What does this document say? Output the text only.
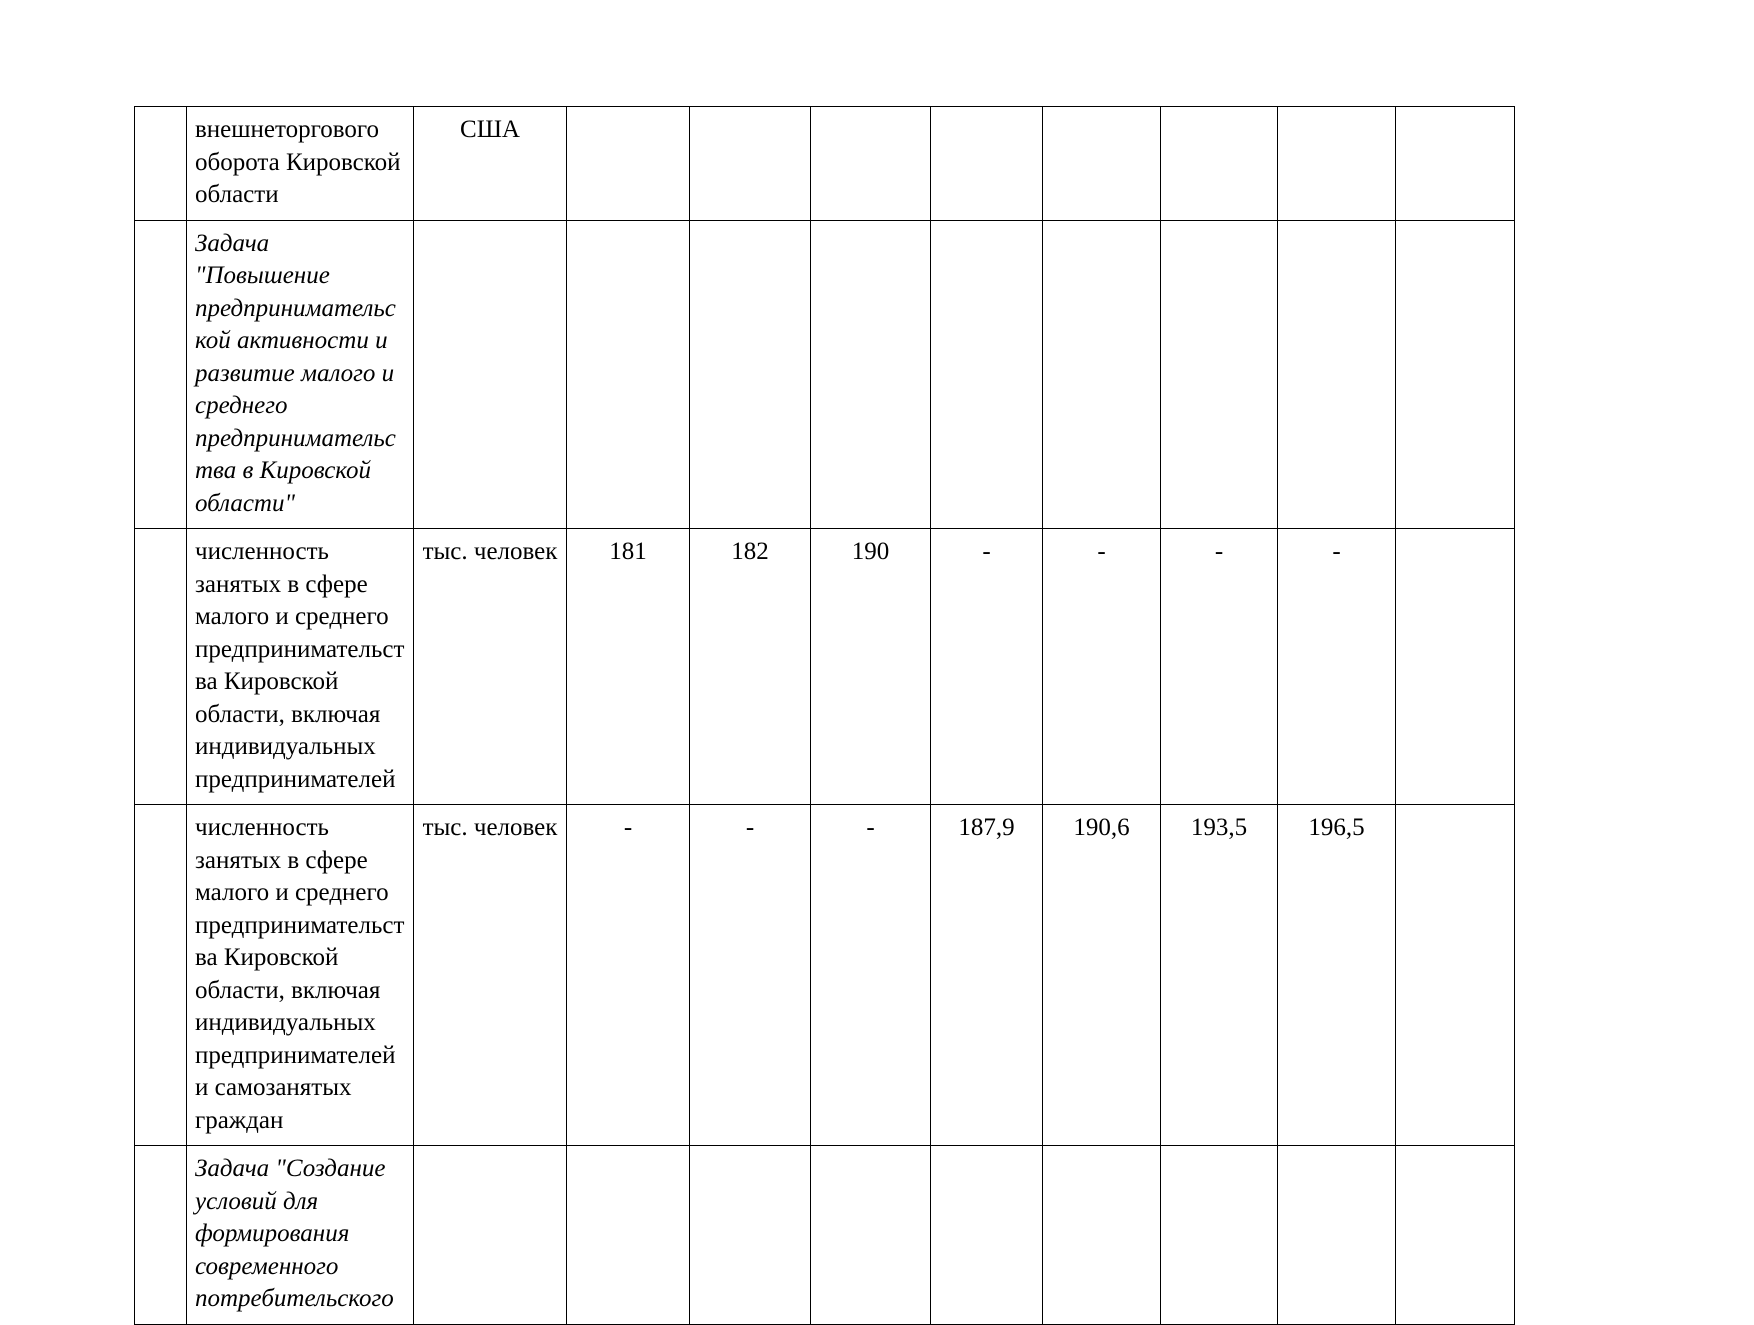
	внешнеторгового оборота Кировской области	США								
	Задача "Повышение предпринимательской активности и развитие малого и среднего предпринимательства в Кировской области"									
	численность занятых в сфере малого и среднего предпринимательства Кировской области, включая индивидуальных предпринимателей	тыс. человек	181	182	190	-	-	-	-	
	численность занятых в сфере малого и среднего предпринимательства Кировской области, включая индивидуальных предпринимателей и самозанятых граждан	тыс. человек	-	-	-	187,9	190,6	193,5	196,5	
	Задача "Создание условий для формирования современного потребительского									
